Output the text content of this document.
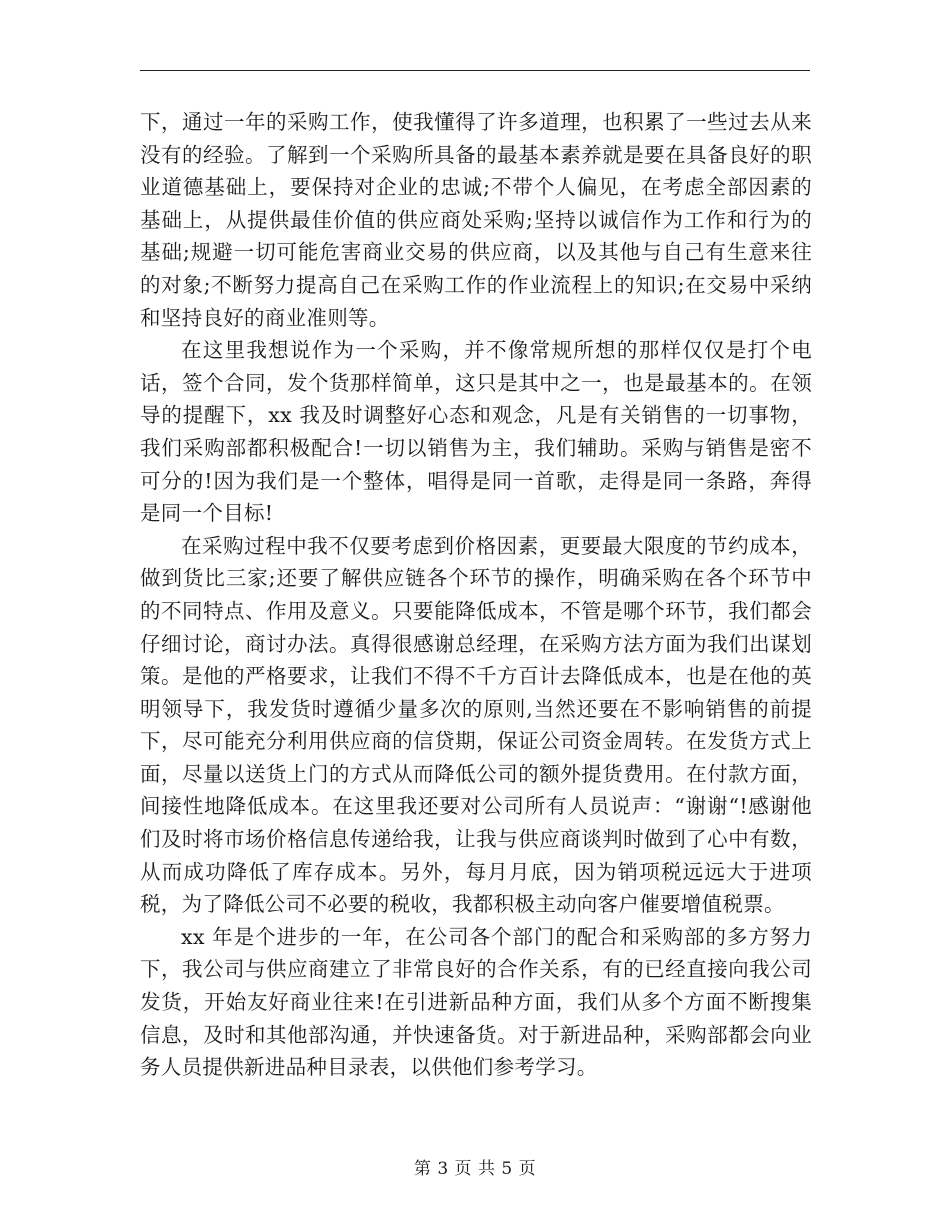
下，通过一年的采购工作，使我懂得了许多道理，也积累了一些过去从来没有的经验。了解到一个采购所具备的最基本素养就是要在具备良好的职业道德基础上，要保持对企业的忠诚;不带个人偏见，在考虑全部因素的基础上，从提供最佳价值的供应商处采购;坚持以诚信作为工作和行为的基础;规避一切可能危害商业交易的供应商，以及其他与自己有生意来往的对象;不断努力提高自己在采购工作的作业流程上的知识;在交易中采纳和坚持良好的商业准则等。

在这里我想说作为一个采购，并不像常规所想的那样仅仅是打个电话，签个合同，发个货那样简单，这只是其中之一，也是最基本的。在领导的提醒下，xx 我及时调整好心态和观念，凡是有关销售的一切事物，我们采购部都积极配合!一切以销售为主，我们辅助。采购与销售是密不可分的!因为我们是一个整体，唱得是同一首歌，走得是同一条路，奔得是同一个目标!

在采购过程中我不仅要考虑到价格因素，更要最大限度的节约成本，做到货比三家;还要了解供应链各个环节的操作，明确采购在各个环节中的不同特点、作用及意义。只要能降低成本，不管是哪个环节，我们都会仔细讨论，商讨办法。真得很感谢总经理，在采购方法方面为我们出谋划策。是他的严格要求，让我们不得不千方百计去降低成本，也是在他的英明领导下，我发货时遵循少量多次的原则,当然还要在不影响销售的前提下，尽可能充分利用供应商的信贷期，保证公司资金周转。在发货方式上面，尽量以送货上门的方式从而降低公司的额外提货费用。在付款方面，间接性地降低成本。在这里我还要对公司所有人员说声：“谢谢“!感谢他们及时将市场价格信息传递给我，让我与供应商谈判时做到了心中有数，从而成功降低了库存成本。另外，每月月底，因为销项税远远大于进项税，为了降低公司不必要的税收，我都积极主动向客户催要增值税票。

xx 年是个进步的一年，在公司各个部门的配合和采购部的多方努力下，我公司与供应商建立了非常良好的合作关系，有的已经直接向我公司发货，开始友好商业往来!在引进新品种方面，我们从多个方面不断搜集信息，及时和其他部沟通，并快速备货。对于新进品种，采购部都会向业务人员提供新进品种目录表，以供他们参考学习。

第 3 页 共 5 页
